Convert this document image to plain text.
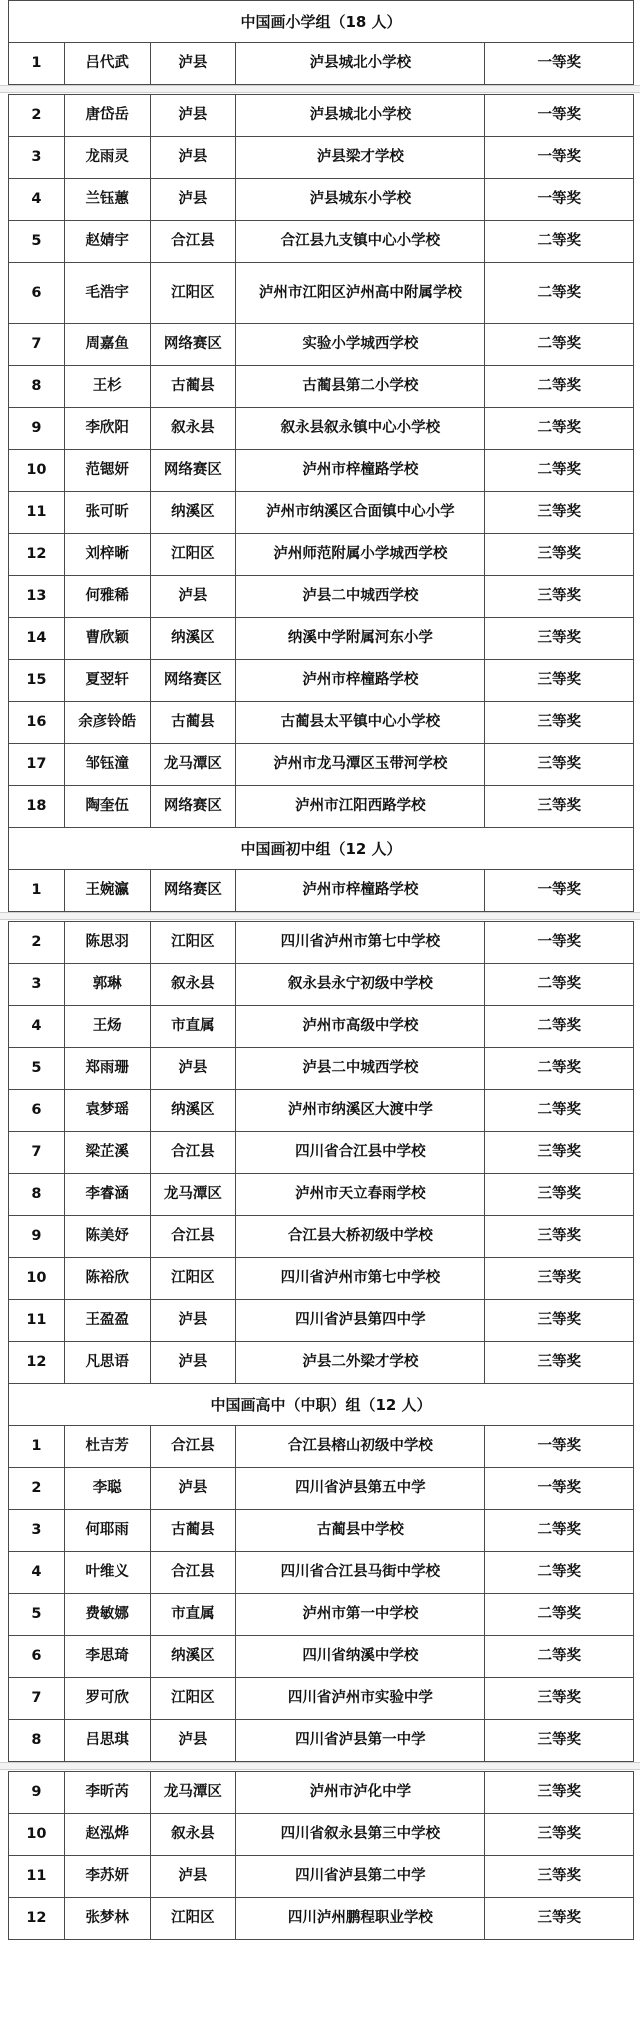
中国画小学组（18 人）
1	吕代武	泸县	泸县城北小学校	一等奖
2	唐岱岳	泸县	泸县城北小学校	一等奖
3	龙雨灵	泸县	泸县梁才学校	一等奖
4	兰钰蕙	泸县	泸县城东小学校	一等奖
5	赵婧宇	合江县	合江县九支镇中心小学校	二等奖
6	毛浩宇	江阳区	泸州市江阳区泸州高中附属学校	二等奖
7	周嘉鱼	网络赛区	实验小学城西学校	二等奖
8	王杉	古蔺县	古蔺县第二小学校	二等奖
9	李欣阳	叙永县	叙永县叙永镇中心小学校	二等奖
10	范锶妍	网络赛区	泸州市梓橦路学校	二等奖
11	张可昕	纳溪区	泸州市纳溪区合面镇中心小学	三等奖
12	刘梓晰	江阳区	泸州师范附属小学城西学校	三等奖
13	何雅稀	泸县	泸县二中城西学校	三等奖
14	曹欣颖	纳溪区	纳溪中学附属河东小学	三等奖
15	夏翌轩	网络赛区	泸州市梓橦路学校	三等奖
16	余彦铃皓	古蔺县	古蔺县太平镇中心小学校	三等奖
17	邹钰潼	龙马潭区	泸州市龙马潭区玉带河学校	三等奖
18	陶奎伍	网络赛区	泸州市江阳西路学校	三等奖
中国画初中组（12 人）
1	王婉瀛	网络赛区	泸州市梓橦路学校	一等奖
2	陈思羽	江阳区	四川省泸州市第七中学校	一等奖
3	郭琳	叙永县	叙永县永宁初级中学校	二等奖
4	王炀	市直属	泸州市高级中学校	二等奖
5	郑雨珊	泸县	泸县二中城西学校	二等奖
6	袁梦瑶	纳溪区	泸州市纳溪区大渡中学	二等奖
7	梁芷溪	合江县	四川省合江县中学校	三等奖
8	李睿涵	龙马潭区	泸州市天立春雨学校	三等奖
9	陈美妤	合江县	合江县大桥初级中学校	三等奖
10	陈裕欣	江阳区	四川省泸州市第七中学校	三等奖
11	王盈盈	泸县	四川省泸县第四中学	三等奖
12	凡思语	泸县	泸县二外梁才学校	三等奖
中国画高中（中职）组（12 人）
1	杜吉芳	合江县	合江县榕山初级中学校	一等奖
2	李聪	泸县	四川省泸县第五中学	一等奖
3	何耶雨	古蔺县	古蔺县中学校	二等奖
4	叶维义	合江县	四川省合江县马街中学校	二等奖
5	费敏娜	市直属	泸州市第一中学校	二等奖
6	李思琦	纳溪区	四川省纳溪中学校	二等奖
7	罗可欣	江阳区	四川省泸州市实验中学	三等奖
8	吕思琪	泸县	四川省泸县第一中学	三等奖
9	李昕芮	龙马潭区	泸州市泸化中学	三等奖
10	赵泓烨	叙永县	四川省叙永县第三中学校	三等奖
11	李苏妍	泸县	四川省泸县第二中学	三等奖
12	张梦林	江阳区	四川泸州鹏程职业学校	三等奖
